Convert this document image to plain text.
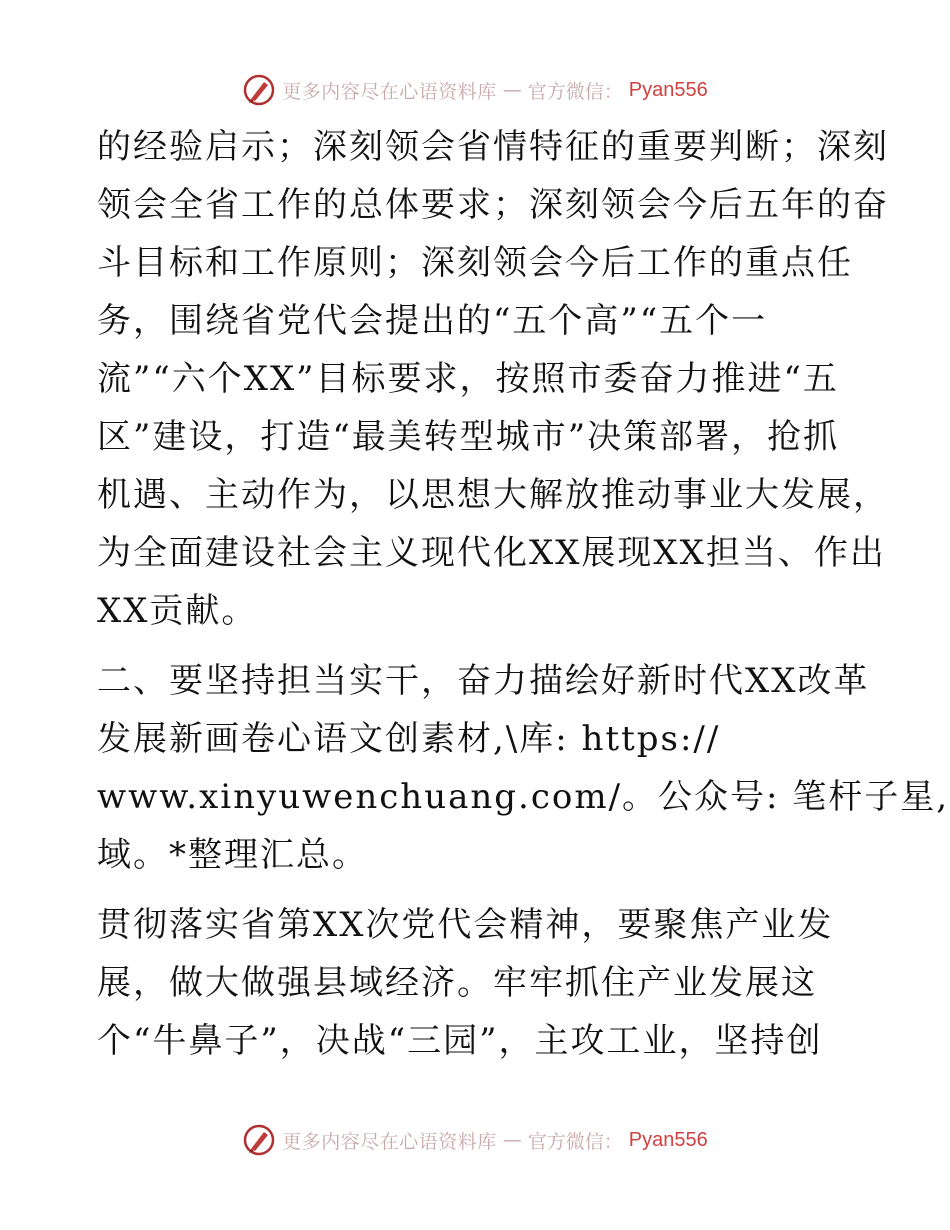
更多内容尽在心语资料库 — 官方微信： Pyan556
的经验启示；深刻领会省情特征的重要判断；深刻
领会全省工作的总体要求；深刻领会今后五年的奋
斗目标和工作原则；深刻领会今后工作的重点任
务，围绕省党代会提出的“五个高”“五个一
流”“六个XX”目标要求，按照市委奋力推进“五
区”建设，打造“最美转型城市”决策部署，抢抓
机遇、主动作为，以思想大解放推动事业大发展，
为全面建设社会主义现代化XX展现XX担当、作出
XX贡献。
二、要坚持担当实干，奋力描绘好新时代XX改革
发展新画卷心语文创素材,\库: https://
www.xinyuwenchuang.com/。公众号: 笔杆子星,
域。*整理汇总。
贯彻落实省第XX次党代会精神，要聚焦产业发
展，做大做强县域经济。牢牢抓住产业发展这
个“牛鼻子”，决战“三园”，主攻工业，坚持创
更多内容尽在心语资料库 — 官方微信： Pyan556
